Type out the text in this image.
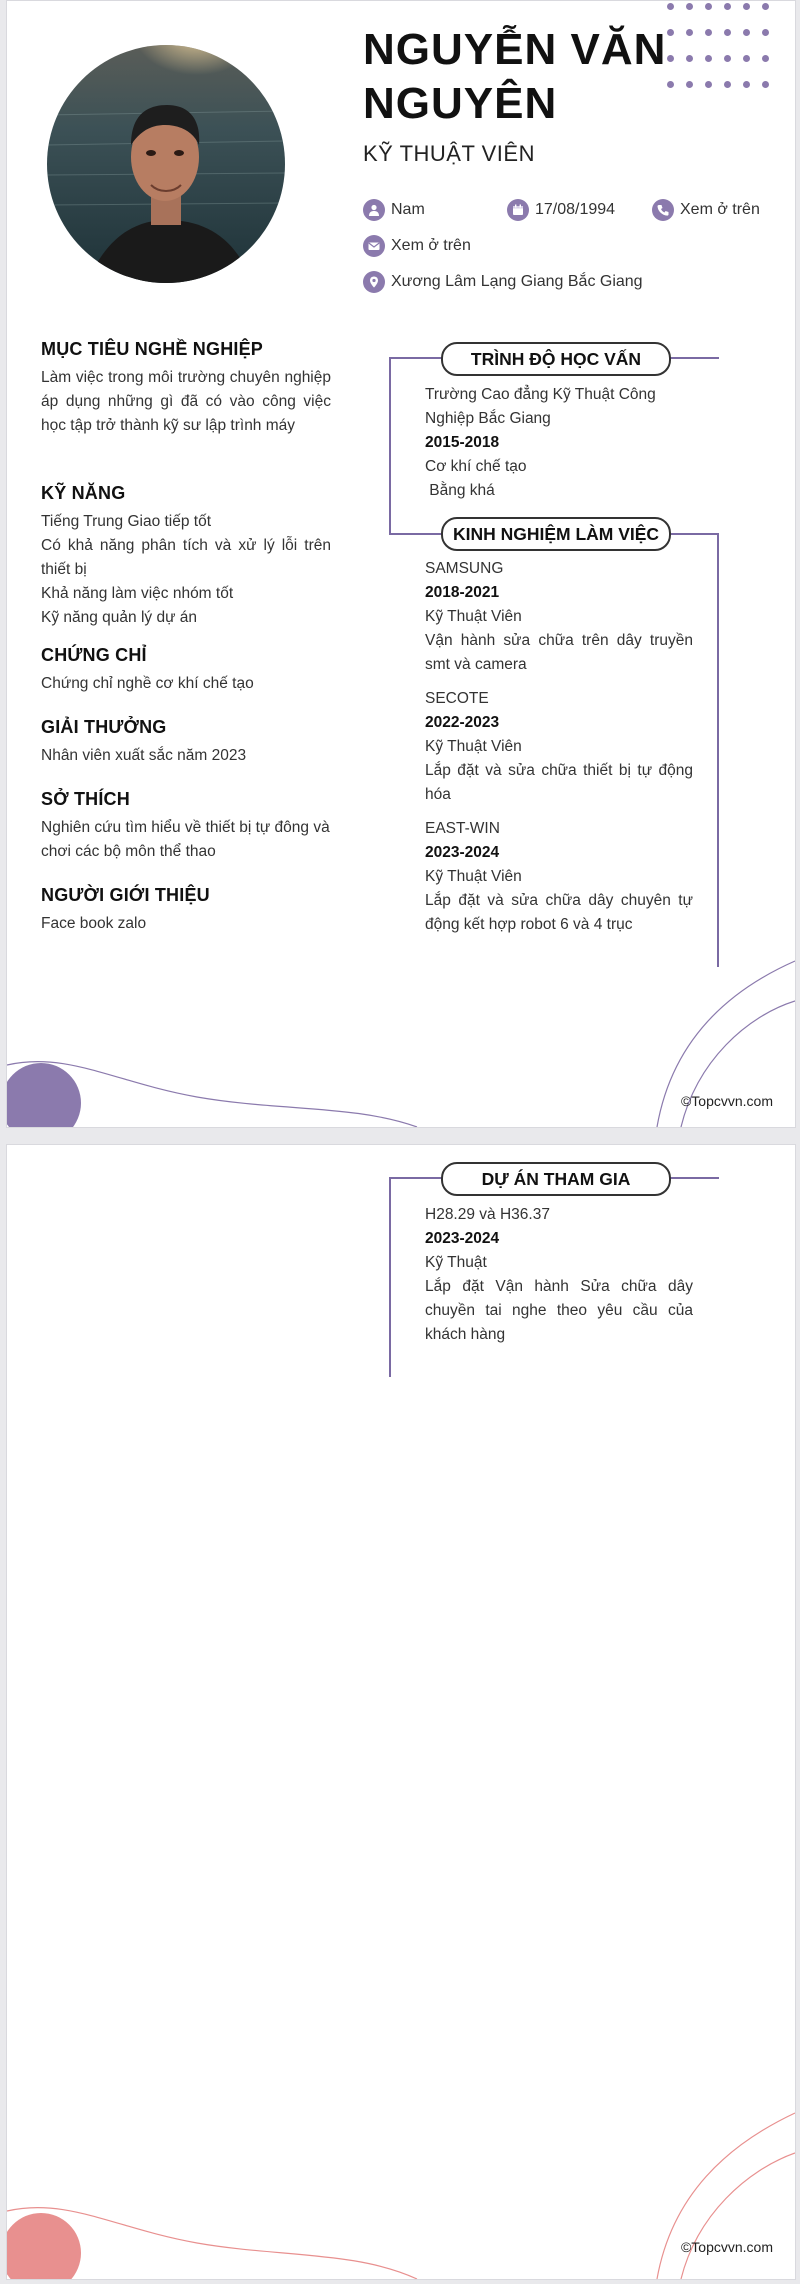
NGUYỄN VĂN
NGUYÊN
KỸ THUẬT VIÊN
Nam	17/08/1994	Xem ở trên
Xem ở trên
Xương Lâm Lạng Giang Bắc Giang
MỤC TIÊU NGHỀ NGHIỆP

Làm việc trong môi trường chuyên nghiệp áp dụng những gì đã có vào công việc học tập trở thành kỹ sư lập trình máy

KỸ NĂNG

Tiếng Trung Giao tiếp tốt

Có khả năng phân tích và xử lý lỗi trên thiết bị

Khả năng làm việc nhóm tốt

Kỹ năng quản lý dự án

CHỨNG CHỈ

Chứng chỉ nghề cơ khí chế tạo

GIẢI THƯỞNG

Nhân viên xuất sắc năm 2023

SỞ THÍCH

Nghiên cứu tìm hiểu về thiết bị tự đông và chơi các bộ môn thể thao

NGƯỜI GIỚI THIỆU

Face book zalo

TRÌNH ĐỘ HỌC VẤN
Trường Cao đẳng Kỹ Thuật Công Nghiệp Bắc Giang
2015-2018
Cơ khí chế tạo
Bằng khá
KINH NGHIỆM LÀM VIỆC
SAMSUNG
2018-2021
Kỹ Thuật Viên
Vận hành sửa chữa trên dây truyền smt và camera
SECOTE
2022-2023
Kỹ Thuật Viên
Lắp đặt và sửa chữa thiết bị tự động hóa
EAST-WIN
2023-2024
Kỹ Thuật Viên
Lắp đặt và sửa chữa dây chuyên tự động kết hợp robot 6 và 4 trục
©Topcvvn.com
DỰ ÁN THAM GIA
H28.29 và H36.37
2023-2024
Kỹ Thuật
Lắp đặt Vận hành Sửa chữa dây chuyền tai nghe theo yêu cầu của khách hàng
©Topcvvn.com
